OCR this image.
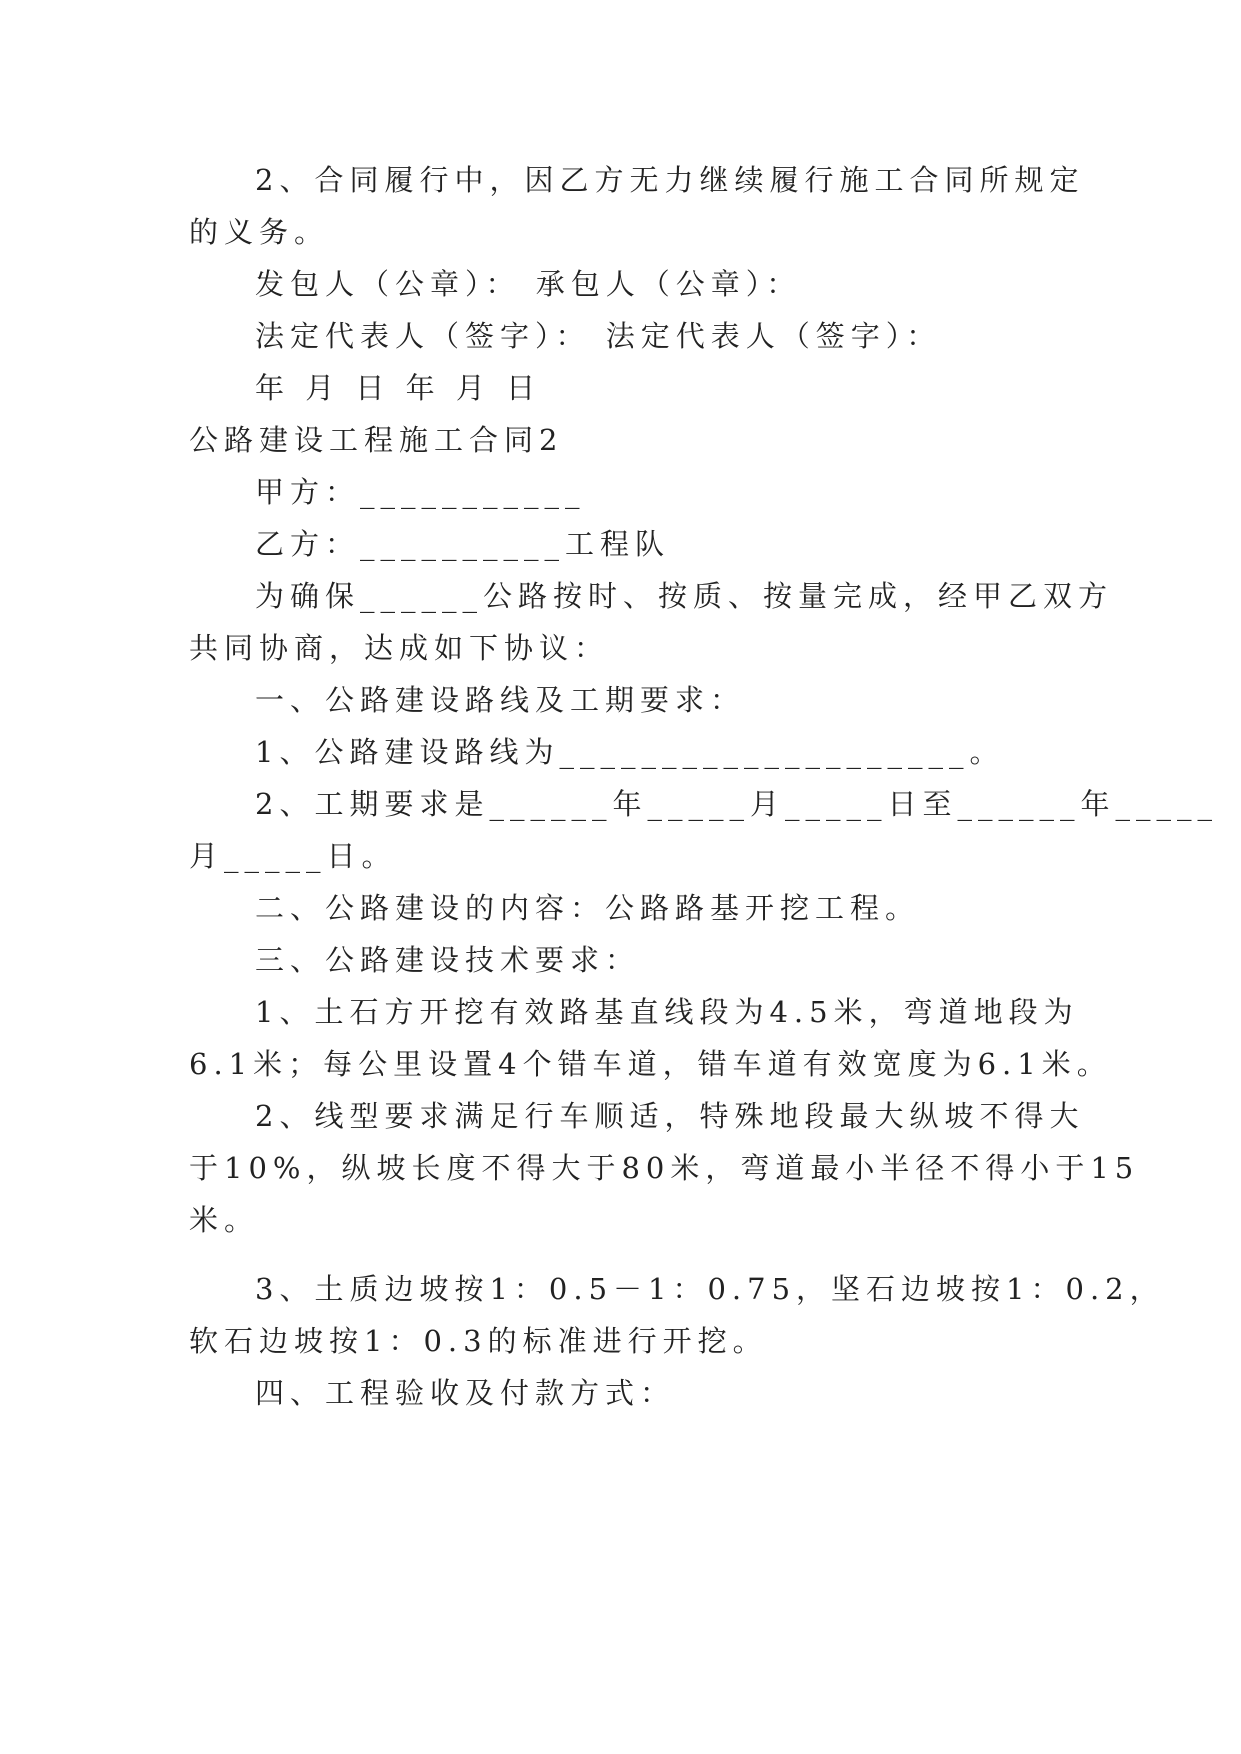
2、合同履行中，因乙方无力继续履行施工合同所规定
的义务。
发包人（公章）： 承包人（公章）：
法定代表人（签字）： 法定代表人（签字）：
年 月 日 年 月 日
公路建设工程施工合同2
甲方：___________
乙方：__________工程队
为确保______公路按时、按质、按量完成，经甲乙双方
共同协商，达成如下协议：
一、公路建设路线及工期要求：
1、公路建设路线为____________________。
2、工期要求是______年_____月_____日至______年_____
月_____日。
二、公路建设的内容：公路路基开挖工程。
三、公路建设技术要求：
1、土石方开挖有效路基直线段为4.5米，弯道地段为
6.1米；每公里设置4个错车道，错车道有效宽度为6.1米。
2、线型要求满足行车顺适，特殊地段最大纵坡不得大
于10%，纵坡长度不得大于80米，弯道最小半径不得小于15
米。
3、土质边坡按1：0.5－1：0.75，坚石边坡按1：0.2，
软石边坡按1：0.3的标准进行开挖。
四、工程验收及付款方式：
